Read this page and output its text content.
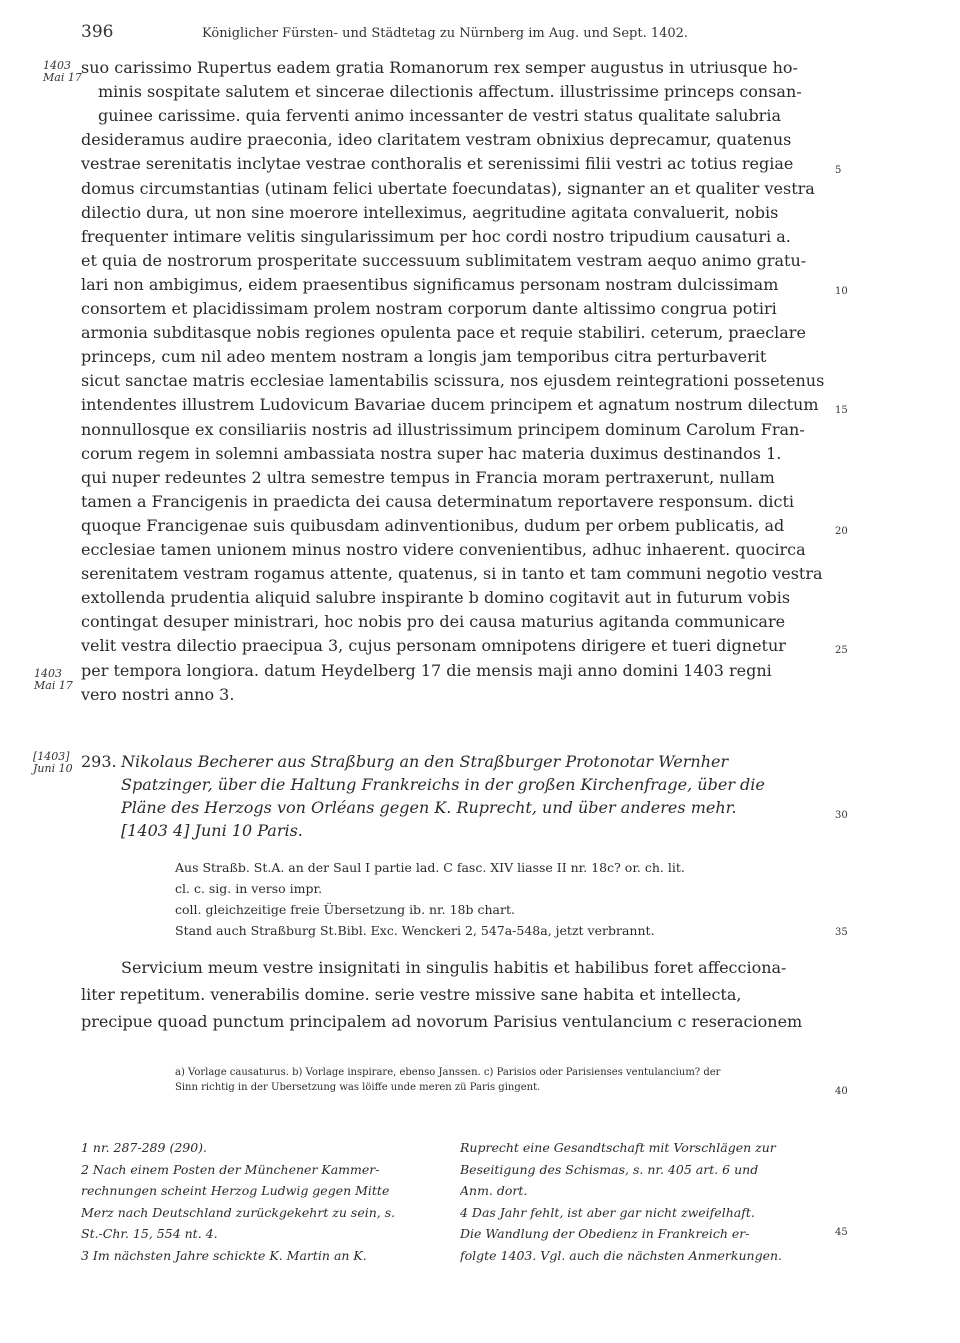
396	Königlicher Fürsten- und Städtetag zu Nürnberg im Aug. und Sept. 1402.
1403
Mai 17
1403
Mai 17
[1403]
Juni 10
5
10
15
20
25
30
35
40
45
suo carissimo Rupertus eadem gratia Romanorum rex semper augustus in utriusque ho-
minis sospitate salutem et sincerae dilectionis affectum. illustrissime princeps consan-
guinee carissime. quia ferventi animo incessanter de vestri status qualitate salubria
desideramus audire praeconia, ideo claritatem vestram obnixius deprecamur, quatenus
vestrae serenitatis inclytae vestrae conthoralis et serenissimi filii vestri ac totius regiae
domus circumstantias (utinam felici ubertate foecundatas), signanter an et qualiter vestra
dilectio dura, ut non sine moerore intelleximus, aegritudine agitata convaluerit, nobis
frequenter intimare velitis singularissimum per hoc cordi nostro tripudium causaturi a.
et quia de nostrorum prosperitate successuum sublimitatem vestram aequo animo gratu-
lari non ambigimus, eidem praesentibus significamus personam nostram dulcissimam
consortem et placidissimam prolem nostram corporum dante altissimo congrua potiri
armonia subditasque nobis regiones opulenta pace et requie stabiliri. ceterum, praeclare
princeps, cum nil adeo mentem nostram a longis jam temporibus citra perturbaverit
sicut sanctae matris ecclesiae lamentabilis scissura, nos ejusdem reintegrationi possetenus
intendentes illustrem Ludovicum Bavariae ducem principem et agnatum nostrum dilectum
nonnullosque ex consiliariis nostris ad illustrissimum principem dominum Carolum Fran-
corum regem in solemni ambassiata nostra super hac materia duximus destinandos 1.
qui nuper redeuntes 2 ultra semestre tempus in Francia moram pertraxerunt, nullam
tamen a Francigenis in praedicta dei causa determinatum reportavere responsum. dicti
quoque Francigenae suis quibusdam adinventionibus, dudum per orbem publicatis, ad
ecclesiae tamen unionem minus nostro videre convenientibus, adhuc inhaerent. quocirca
serenitatem vestram rogamus attente, quatenus, si in tanto et tam communi negotio vestra
extollenda prudentia aliquid salubre inspirante b domino cogitavit aut in futurum vobis
contingat desuper ministrari, hoc nobis pro dei causa maturius agitanda communicare
velit vestra dilectio praecipua 3, cujus personam omnipotens dirigere et tueri dignetur
per tempora longiora. datum Heydelberg 17 die mensis maji anno domini 1403 regni
vero nostri anno 3.
293. Nikolaus Becherer aus Straßburg an den Straßburger Protonotar Wernher
Spatzinger, über die Haltung Frankreichs in der großen Kirchenfrage, über die
Pläne des Herzogs von Orléans gegen K. Ruprecht, und über anderes mehr.
[1403 4] Juni 10 Paris.
Aus Straßb. St.A. an der Saul I partie lad. C fasc. XIV liasse II nr. 18c? or. ch. lit.
cl. c. sig. in verso impr.
coll. gleichzeitige freie Übersetzung ib. nr. 18b chart.
Stand auch Straßburg St.Bibl. Exc. Wenckeri 2, 547a-548a, jetzt verbrannt.
Servicium meum vestre insignitati in singulis habitis et habilibus foret affecciona-
liter repetitum. venerabilis domine. serie vestre missive sane habita et intellecta,
precipue quoad punctum principalem ad novorum Parisius ventulancium c reseracionem
a) Vorlage causaturus. b) Vorlage inspirare, ebenso Janssen. c) Parisios oder Parisienses ventulancium? der
Sinn richtig in der Übersetzung was löiffe unde meren zü Paris gingent.
1 nr. 287-289 (290).
2 Nach einem Posten der Münchener Kammer-
rechnungen scheint Herzog Ludwig gegen Mitte
Merz nach Deutschland zurückgekehrt zu sein, s.
St.-Chr. 15, 554 nt. 4.
3 Im nächsten Jahre schickte K. Martin an K.
Ruprecht eine Gesandtschaft mit Vorschlägen zur
Beseitigung des Schismas, s. nr. 405 art. 6 und
Anm. dort.
4 Das Jahr fehlt, ist aber gar nicht zweifelhaft.
Die Wandlung der Obedienz in Frankreich er-
folgte 1403. Vgl. auch die nächsten Anmerkungen.
